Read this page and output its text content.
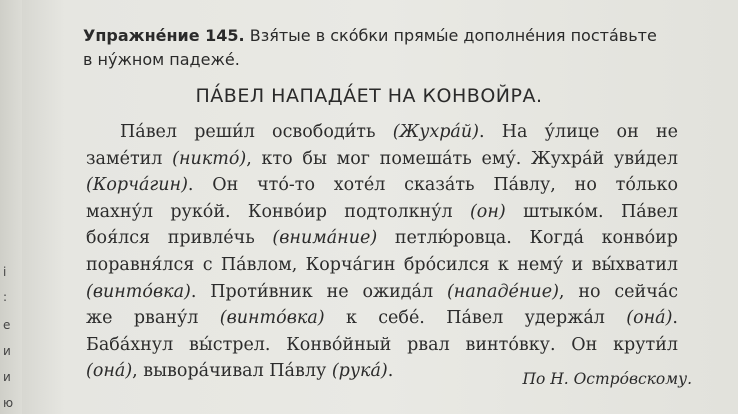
і
:
е
и
и
ю
Упражне́ние 145. Взя́тые в ско́бки прямы́е дополне́ния поста́вьте
в ну́жном падеже́.
ПА́ВЕЛ НАПАДА́ЕТ НА КОНВОЙРА.
Па́вел реши́л освободи́ть (Жухра́й). На у́лице он не
заме́тил (никто́), кто бы мог помеша́ть ему́. Жухра́й уви́дел
(Корча́гин). Он что́-то хоте́л сказа́ть Па́влу, но то́лько
махну́л руко́й. Конво́ир подтолкну́л (он) штыко́м. Па́вел
боя́лся привле́чь (внима́ние) петлю́ровца. Когда́ конво́ир
поравня́лся с Па́влом, Корча́гин бро́сился к нему́ и вы́хватил
(винто́вка). Проти́вник не ожида́л (нападе́ние), но сейча́с
же рвану́л (винто́вка) к себе́. Па́вел удержа́л (она́).
Баба́хнул вы́стрел. Конво́йный рвал винто́вку. Он крути́л
(она́), вывора́чивал Па́влу (рука́).	По Н. Остро́вскому.
